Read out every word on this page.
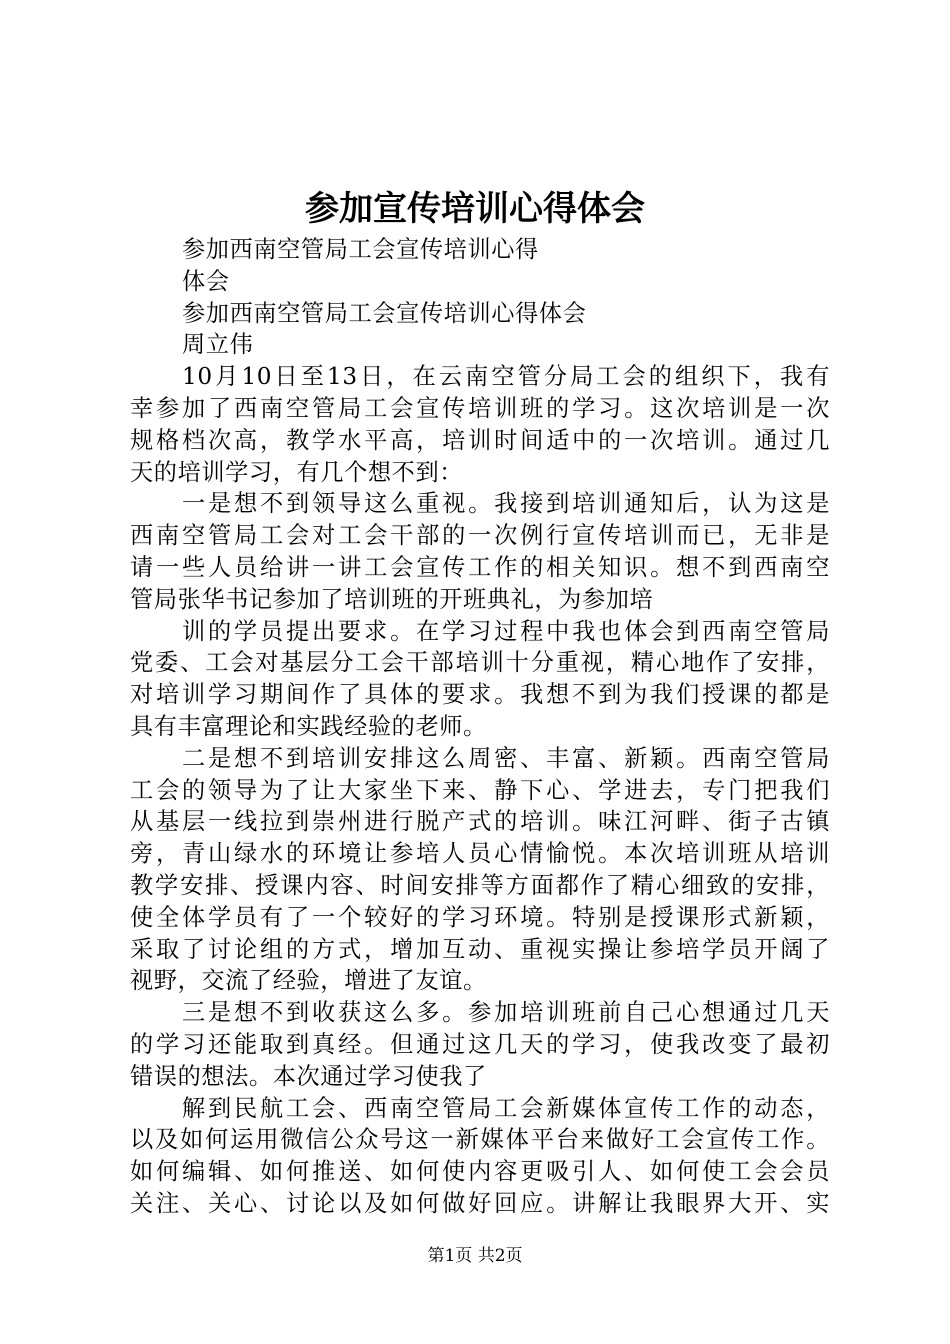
参加宣传培训心得体会
参加西南空管局工会宣传培训心得
体会
参加西南空管局工会宣传培训心得体会
周立伟
10月10日至13日，在云南空管分局工会的组织下，我有
幸参加了西南空管局工会宣传培训班的学习。这次培训是一次
规格档次高，教学水平高，培训时间适中的一次培训。通过几
天的培训学习，有几个想不到：
一是想不到领导这么重视。我接到培训通知后，认为这是
西南空管局工会对工会干部的一次例行宣传培训而已，无非是
请一些人员给讲一讲工会宣传工作的相关知识。想不到西南空
管局张华书记参加了培训班的开班典礼，为参加培
训的学员提出要求。在学习过程中我也体会到西南空管局
党委、工会对基层分工会干部培训十分重视，精心地作了安排，
对培训学习期间作了具体的要求。我想不到为我们授课的都是
具有丰富理论和实践经验的老师。
二是想不到培训安排这么周密、丰富、新颖。西南空管局
工会的领导为了让大家坐下来、静下心、学进去，专门把我们
从基层一线拉到崇州进行脱产式的培训。味江河畔、街子古镇
旁，青山绿水的环境让参培人员心情愉悦。本次培训班从培训
教学安排、授课内容、时间安排等方面都作了精心细致的安排，
使全体学员有了一个较好的学习环境。特别是授课形式新颖，
采取了讨论组的方式，增加互动、重视实操让参培学员开阔了
视野，交流了经验，增进了友谊。
三是想不到收获这么多。参加培训班前自己心想通过几天
的学习还能取到真经。但通过这几天的学习，使我改变了最初
错误的想法。本次通过学习使我了
解到民航工会、西南空管局工会新媒体宣传工作的动态，
以及如何运用微信公众号这一新媒体平台来做好工会宣传工作。
如何编辑、如何推送、如何使内容更吸引人、如何使工会会员
关注、关心、讨论以及如何做好回应。讲解让我眼界大开、实
第1页 共2页
